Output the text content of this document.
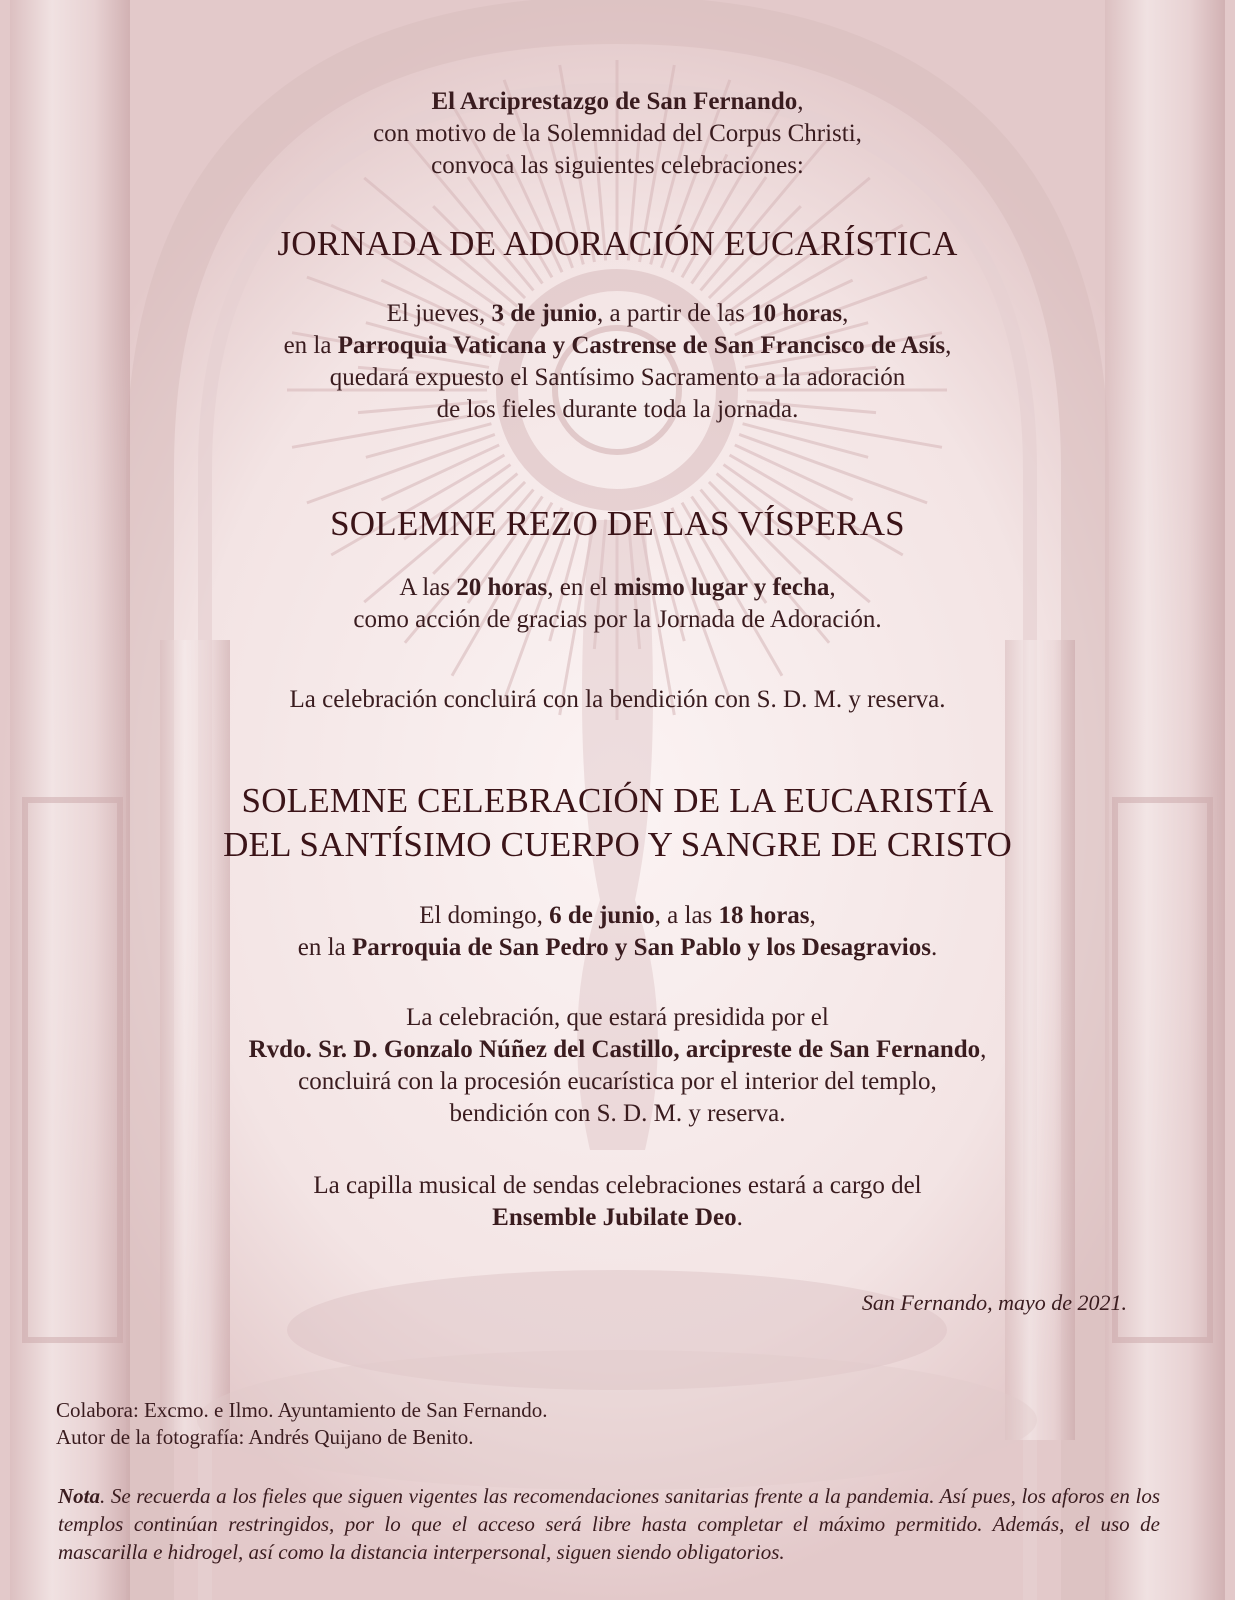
El Arciprestazgo de San Fernando,
con motivo de la Solemnidad del Corpus Christi,
convoca las siguientes celebraciones:

JORNADA DE ADORACIÓN EUCARÍSTICA

El jueves, 3 de junio, a partir de las 10 horas,
en la Parroquia Vaticana y Castrense de San Francisco de Asís,
quedará expuesto el Santísimo Sacramento a la adoración
de los fieles durante toda la jornada.

SOLEMNE REZO DE LAS VÍSPERAS

A las 20 horas, en el mismo lugar y fecha,
como acción de gracias por la Jornada de Adoración.

La celebración concluirá con la bendición con S. D. M. y reserva.

SOLEMNE CELEBRACIÓN DE LA EUCARISTÍA
DEL SANTÍSIMO CUERPO Y SANGRE DE CRISTO

El domingo, 6 de junio, a las 18 horas,
en la Parroquia de San Pedro y San Pablo y los Desagravios.

La celebración, que estará presidida por el
Rvdo. Sr. D. Gonzalo Núñez del Castillo, arcipreste de San Fernando,
concluirá con la procesión eucarística por el interior del templo,
bendición con S. D. M. y reserva.

La capilla musical de sendas celebraciones estará a cargo del
Ensemble Jubilate Deo.

San Fernando, mayo de 2021.

Colabora: Excmo. e Ilmo. Ayuntamiento de San Fernando.

Autor de la fotografía: Andrés Quijano de Benito.

Nota. Se recuerda a los fieles que siguen vigentes las recomendaciones sanitarias frente a la pandemia. Así pues, los aforos en los templos continúan restringidos, por lo que el acceso será libre hasta completar el máximo permitido. Además, el uso de mascarilla e hidrogel, así como la distancia interpersonal, siguen siendo obligatorios.
